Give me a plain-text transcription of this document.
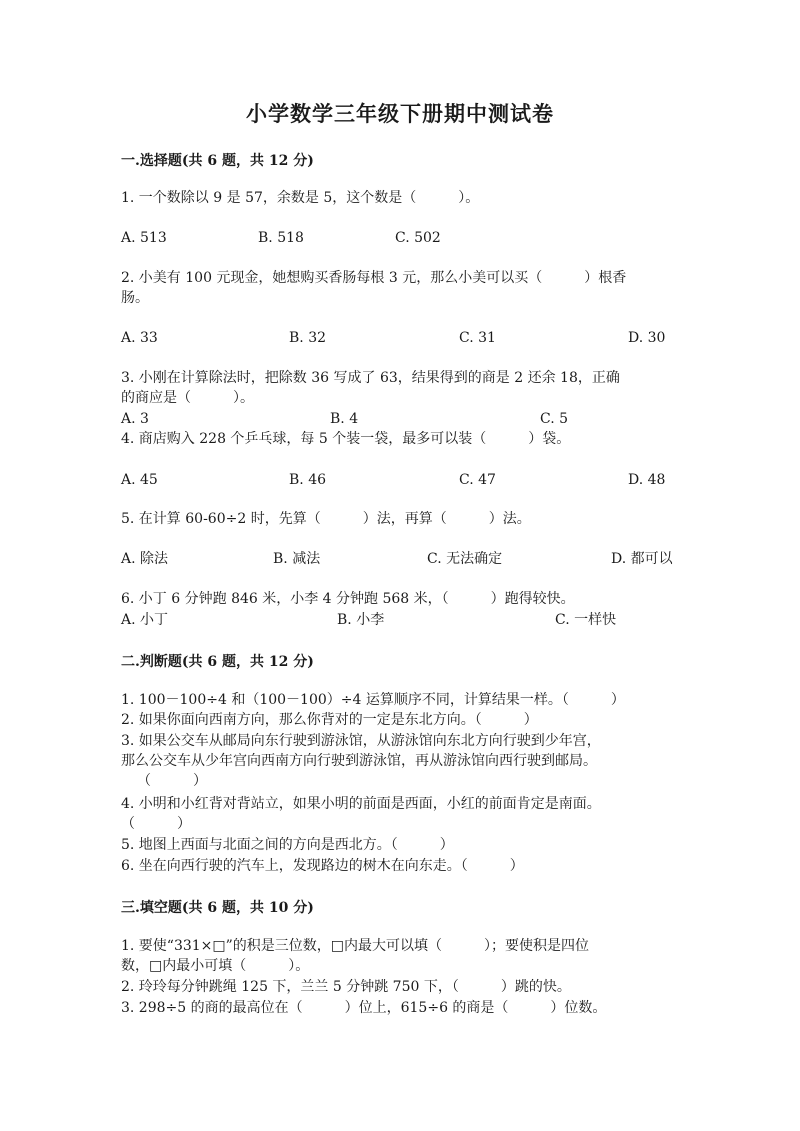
小学数学三年级下册期中测试卷
一.选择题(共 6 题，共 12 分)
1. 一个数除以 9 是 57，余数是 5，这个数是（　　　）。
A. 513	B. 518	C. 502
2. 小美有 100 元现金，她想购买香肠每根 3 元，那么小美可以买（　　　）根香
肠。
A. 33	B. 32	C. 31	D. 30
3. 小刚在计算除法时，把除数 36 写成了 63，结果得到的商是 2 还余 18，正确
的商应是（　　　）。
A. 3	B. 4	C. 5
4. 商店购入 228 个乒乓球，每 5 个装一袋，最多可以装（　　　）袋。
A. 45	B. 46	C. 47	D. 48
5. 在计算 60-60÷2 时，先算（　　　）法，再算（　　　）法。
A. 除法	B. 减法	C. 无法确定	D. 都可以
6. 小丁 6 分钟跑 846 米，小李 4 分钟跑 568 米，（　　　）跑得较快。
A. 小丁	B. 小李	C. 一样快
二.判断题(共 6 题，共 12 分)
1. 100－100÷4 和（100－100）÷4 运算顺序不同，计算结果一样。（　　　）
2. 如果你面向西南方向，那么你背对的一定是东北方向。（　　　）
3. 如果公交车从邮局向东行驶到游泳馆，从游泳馆向东北方向行驶到少年宫，
那么公交车从少年宫向西南方向行驶到游泳馆，再从游泳馆向西行驶到邮局。
（　　　）
4. 小明和小红背对背站立，如果小明的前面是西面，小红的前面肯定是南面。
（　　　）
5. 地图上西面与北面之间的方向是西北方。（　　　）
6. 坐在向西行驶的汽车上，发现路边的树木在向东走。（　　　）
三.填空题(共 6 题，共 10 分)
1. 要使“331×□”的积是三位数，□内最大可以填（　　　）；要使积是四位
数，□内最小可填（　　　）。
2. 玲玲每分钟跳绳 125 下，兰兰 5 分钟跳 750 下，（　　　）跳的快。
3. 298÷5 的商的最高位在（　　　）位上，615÷6 的商是（　　　）位数。
